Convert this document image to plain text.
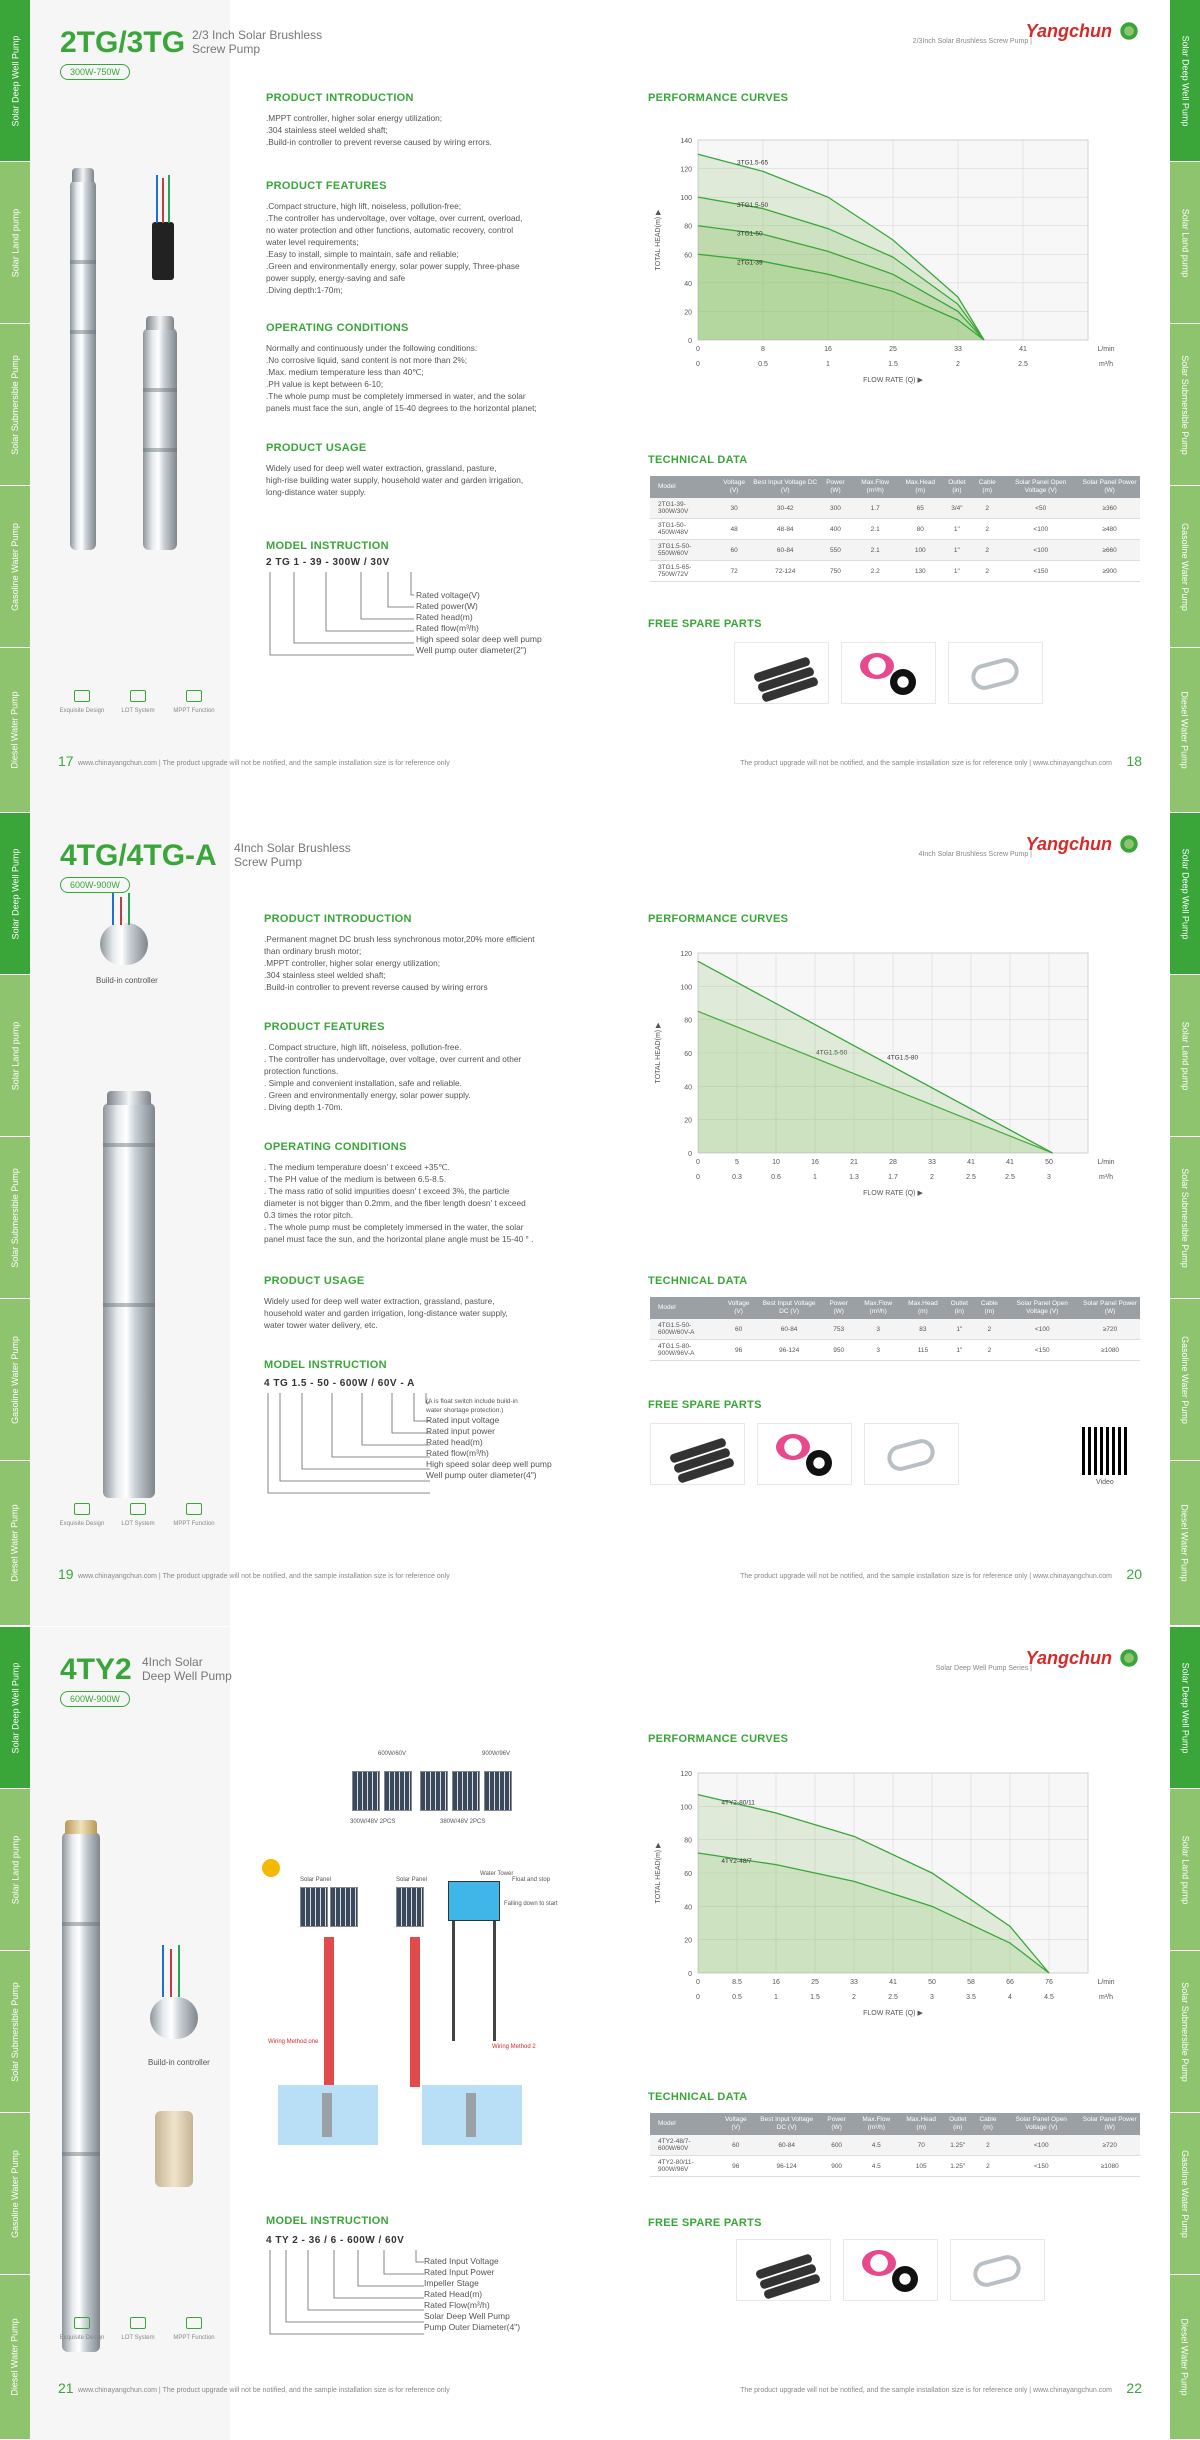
Solar Deep Well Pump
Solar Land pump
Solar Submersible Pump
Gasoline Water Pump
Diesel Water Pump
Solar Deep Well Pump
Solar Land pump
Solar Submersible Pump
Gasoline Water Pump
Diesel Water Pump
2TG/3TG 2/3 Inch Solar Brushless
Screw Pump
300W-750W
2/3Inch Solar Brushless Screw Pump |
Yangchun
Exquisite Design	LOT System	MPPT Function
PRODUCT INTRODUCTION
.MPPT controller, higher solar energy utilization;
.304 stainless steel welded shaft;
.Build-in controller to prevent reverse caused by wiring errors.
PRODUCT FEATURES
.Compact structure, high lift, noiseless, pollution-free;
.The controller has undervoltage, over voltage, over current, overload,
no water protection and other functions, automatic recovery, control
water level requirements;
.Easy to install, simple to maintain, safe and reliable;
.Green and environmentally energy, solar power supply, Three-phase
power supply, energy-saving and safe
.Diving depth:1-70m;
OPERATING CONDITIONS
Normally and continuously under the following conditions:
.No corrosive liquid, sand content is not more than 2%;
.Max. medium temperature less than 40℃;
.PH value is kept between 6-10;
.The whole pump must be completely immersed in water, and the solar
panels must face the sun, angle of 15-40 degrees to the horizontal planet;
PRODUCT USAGE
Widely used for deep well water extraction, grassland, pasture,
high-rise building water supply, household water and garden irrigation,
long-distance water supply.
MODEL INSTRUCTION
2 TG 1 - 39 - 300W / 30V
Rated voltage(V)
Rated power(W)
Rated head(m)
Rated flow(m³/h)
High speed solar deep well pump
Well pump outer diameter(2")
PERFORMANCE CURVES
0
20
40
60
80
100
120
140
0
0
8
0.5
16
1
25
1.5
33
2
41
2.5
L/min
m³/h
FLOW RATE (Q) ▶
TOTAL HEAD(m) ▶
3TG1.5-65
3TG1.5-50
3TG1-50
2TG1-39
TECHNICAL DATA
Model	Voltage (V)	Best Input Voltage DC (V)	Power (W)	Max.Flow (m³/h)	Max.Head (m)	Outlet (in)	Cable (m)	Solar Panel Open Voltage (V)	Solar Panel Power (W)
2TG1-39-300W/30V	30	30-42	300	1.7	65	3/4"	2	<50	≥360
3TG1-50-450W/48V	48	48-84	400	2.1	80	1"	2	<100	≥480
3TG1.5-50-550W/60V	60	60-84	550	2.1	100	1"	2	<100	≥660
3TG1.5-65-750W/72V	72	72-124	750	2.2	130	1"	2	<150	≥900
FREE SPARE PARTS
17 www.chinayangchun.com | The product upgrade will not be notified, and the sample installation size is for reference only	The product upgrade will not be notified, and the sample installation size is for reference only | www.chinayangchun.com 18
Solar Deep Well Pump
Solar Land pump
Solar Submersible Pump
Gasoline Water Pump
Diesel Water Pump
Solar Deep Well Pump
Solar Land pump
Solar Submersible Pump
Gasoline Water Pump
Diesel Water Pump
4TG/4TG-A 4Inch Solar Brushless
Screw Pump
600W-900W
4Inch Solar Brushless Screw Pump |
Yangchun
Build-in controller
Exquisite Design	LOT System	MPPT Function
PRODUCT INTRODUCTION
.Permanent magnet DC brush less synchronous motor,20% more efficient
than ordinary brush motor;
.MPPT controller, higher solar energy utilization;
.304 stainless steel welded shaft;
.Build-in controller to prevent reverse caused by wiring errors
PRODUCT FEATURES
. Compact structure, high lift, noiseless, pollution-free.
. The controller has undervoltage, over voltage, over current and other
protection functions.
. Simple and convenient installation, safe and reliable.
. Green and environmentally energy, solar power supply.
. Diving depth 1-70m.
OPERATING CONDITIONS
. The medium temperature doesn' t exceed +35℃.
. The PH value of the medium is between 6.5-8.5.
. The mass ratio of solid impurities doesn' t exceed 3%, the particle
diameter is not bigger than 0.2mm, and the fiber length doesn' t exceed
0.3 times the rotor pitch.
. The whole pump must be completely immersed in the water, the solar
panel must face the sun, and the horizontal plane angle must be 15-40 ° .
PRODUCT USAGE
Widely used for deep well water extraction, grassland, pasture,
household water and garden irrigation, long-distance water supply,
water tower water delivery, etc.
MODEL INSTRUCTION
4 TG 1.5 - 50 - 600W / 60V - A
(A is float switch include build-in
water shortage protection.)
Rated input voltage
Rated input power
Rated head(m)
Rated flow(m³/h)
High speed solar deep well pump
Well pump outer diameter(4")
PERFORMANCE CURVES
0
20
40
60
80
100
120
0
0
5
0.3
10
0.6
16
1
21
1.3
28
1.7
33
2
41
2.5
41
2.5
50
3
L/min
m³/h
FLOW RATE (Q) ▶
TOTAL HEAD(m) ▶	4TG1.5-80
TECHNICAL DATA
Model	Voltage (V)	Best Input Voltage DC (V)	Power (W)	Max.Flow (m³/h)	Max.Head (m)	Outlet (in)	Cable (m)	Solar Panel Open Voltage (V)	Solar Panel Power (W)
4TG1.5-50-600W/60V-A	60	60-84	753	3	83	1"	2	<100	≥720
4TG1.5-80-900W/96V-A	96	96-124	950	3	115	1"	2	<150	≥1080
FREE SPARE PARTS
Video
19 www.chinayangchun.com | The product upgrade will not be notified, and the sample installation size is for reference only	The product upgrade will not be notified, and the sample installation size is for reference only | www.chinayangchun.com 20
Solar Deep Well Pump
Solar Land pump
Solar Submersible Pump
Gasoline Water Pump
Diesel Water Pump
Solar Deep Well Pump
Solar Land pump
Solar Submersible Pump
Gasoline Water Pump
Diesel Water Pump
4TY2 4Inch Solar
Deep Well Pump
600W-900W
Solar Deep Well Pump Series |
Yangchun
Build-in controller
Exquisite Design	LOT System	MPPT Function
600W/60V	900W/96V
300W/48V 2PCS	380W/48V 2PCS
Solar Panel	Solar Panel
Water Tower
Float and stop
Falling down to start
Wiring Method one
Wiring Method 2
MODEL INSTRUCTION
4 TY 2 - 36 / 6 - 600W / 60V
Rated Input Voltage
Rated Input Power
Impeller Stage
Rated Head(m)
Rated Flow(m³/h)
Solar Deep Well Pump
Pump Outer Diameter(4")
PERFORMANCE CURVES
0
20
40
60
80
100
120
0
0
8.5
0.5
16
1
25
1.5
33
2
41
2.5
50
3
58
3.5
66
4
76
4.5
L/min
m³/h
FLOW RATE (Q) ▶
TOTAL HEAD(m) ▶
4TY2-80/11
4TY2-48/7
TECHNICAL DATA
Model	Voltage (V)	Best Input Voltage DC (V)	Power (W)	Max.Flow (m³/h)	Max.Head (m)	Outlet (in)	Cable (m)	Solar Panel Open Voltage (V)	Solar Panel Power (W)
4TY2-48/7-600W/60V	60	60-84	600	4.5	70	1.25"	2	<100	≥720
4TY2-80/11-900W/96V	96	96-124	900	4.5	105	1.25"	2	<150	≥1080
FREE SPARE PARTS
21 www.chinayangchun.com | The product upgrade will not be notified, and the sample installation size is for reference only	The product upgrade will not be notified, and the sample installation size is for reference only | www.chinayangchun.com 22
